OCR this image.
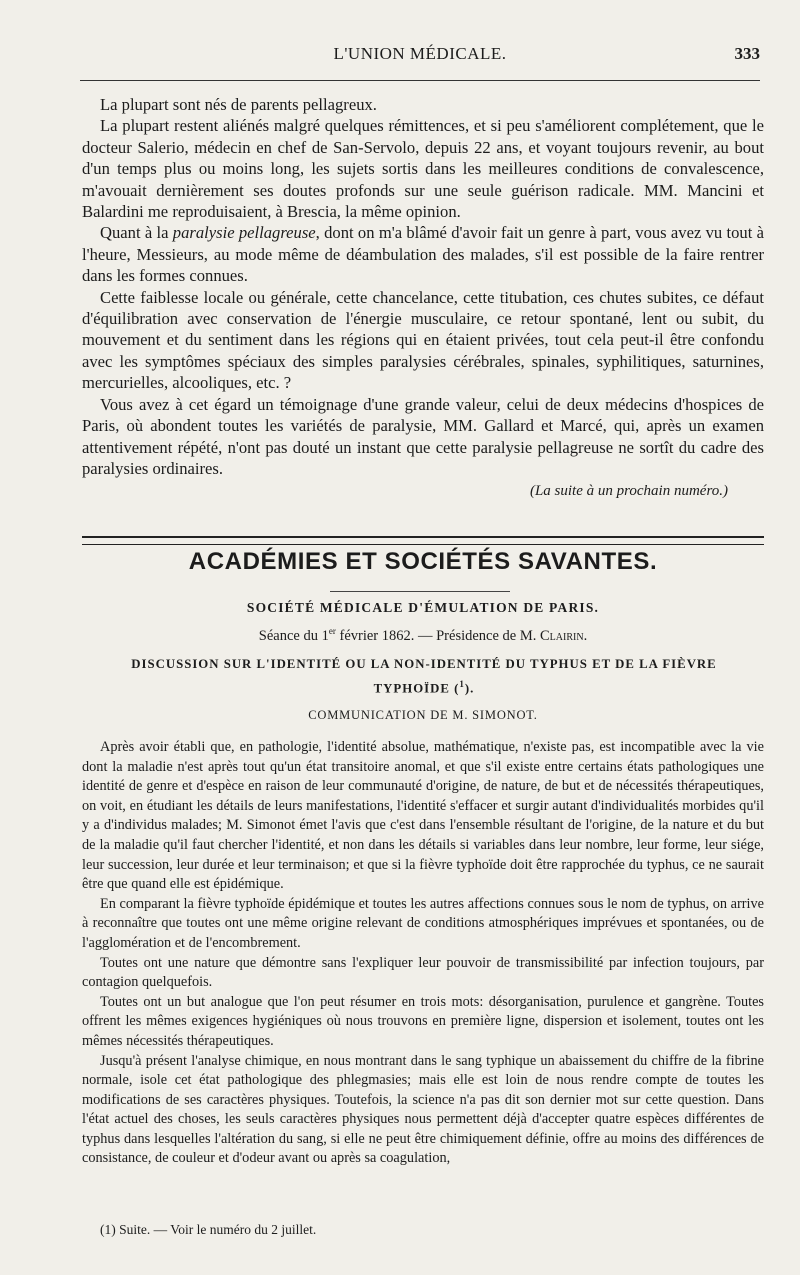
L'UNION MÉDICALE.	333

La plupart sont nés de parents pellagreux.

La plupart restent aliénés malgré quelques rémittences, et si peu s'améliorent complétement, que le docteur Salerio, médecin en chef de San-Servolo, depuis 22 ans, et voyant toujours revenir, au bout d'un temps plus ou moins long, les sujets sortis dans les meilleures conditions de convalescence, m'avouait dernièrement ses doutes profonds sur une seule guérison radicale. MM. Mancini et Balardini me reproduisaient, à Brescia, la même opinion.

Quant à la paralysie pellagreuse, dont on m'a blâmé d'avoir fait un genre à part, vous avez vu tout à l'heure, Messieurs, au mode même de déambulation des malades, s'il est possible de la faire rentrer dans les formes connues.

Cette faiblesse locale ou générale, cette chancelance, cette titubation, ces chutes subites, ce défaut d'équilibration avec conservation de l'énergie musculaire, ce retour spontané, lent ou subit, du mouvement et du sentiment dans les régions qui en étaient privées, tout cela peut-il être confondu avec les symptômes spéciaux des simples paralysies cérébrales, spinales, syphilitiques, saturnines, mercurielles, alcooliques, etc. ?

Vous avez à cet égard un témoignage d'une grande valeur, celui de deux médecins d'hospices de Paris, où abondent toutes les variétés de paralysie, MM. Gallard et Marcé, qui, après un examen attentivement répété, n'ont pas douté un instant que cette paralysie pellagreuse ne sortît du cadre des paralysies ordinaires.

(La suite à un prochain numéro.)
ACADÉMIES ET SOCIÉTÉS SAVANTES.
SOCIÉTÉ MÉDICALE D'ÉMULATION DE PARIS.
Séance du 1er février 1862. — Présidence de M. Clairin.
DISCUSSION SUR L'IDENTITÉ OU LA NON-IDENTITÉ DU TYPHUS ET DE LA FIÈVRE TYPHOÏDE ($^1$).
COMMUNICATION DE M. SIMONOT.

Après avoir établi que, en pathologie, l'identité absolue, mathématique, n'existe pas, est incompatible avec la vie dont la maladie n'est après tout qu'un état transitoire anomal, et que s'il existe entre certains états pathologiques une identité de genre et d'espèce en raison de leur communauté d'origine, de nature, de but et de nécessités thérapeutiques, on voit, en étudiant les détails de leurs manifestations, l'identité s'effacer et surgir autant d'individualités morbides qu'il y a d'individus malades; M. Simonot émet l'avis que c'est dans l'ensemble résultant de l'origine, de la nature et du but de la maladie qu'il faut chercher l'identité, et non dans les détails si variables dans leur nombre, leur forme, leur siége, leur succession, leur durée et leur terminaison; et que si la fièvre typhoïde doit être rapprochée du typhus, ce ne saurait être que quand elle est épidémique.

En comparant la fièvre typhoïde épidémique et toutes les autres affections connues sous le nom de typhus, on arrive à reconnaître que toutes ont une même origine relevant de conditions atmosphériques imprévues et spontanées, ou de l'agglomération et de l'encombrement.

Toutes ont une nature que démontre sans l'expliquer leur pouvoir de transmissibilité par infection toujours, par contagion quelquefois.

Toutes ont un but analogue que l'on peut résumer en trois mots: désorganisation, purulence et gangrène. Toutes offrent les mêmes exigences hygiéniques où nous trouvons en première ligne, dispersion et isolement, toutes ont les mêmes nécessités thérapeutiques.

Jusqu'à présent l'analyse chimique, en nous montrant dans le sang typhique un abaissement du chiffre de la fibrine normale, isole cet état pathologique des phlegmasies; mais elle est loin de nous rendre compte de toutes les modifications de ses caractères physiques. Toutefois, la science n'a pas dit son dernier mot sur cette question. Dans l'état actuel des choses, les seuls caractères physiques nous permettent déjà d'accepter quatre espèces différentes de typhus dans lesquelles l'altération du sang, si elle ne peut être chimiquement définie, offre au moins des différences de consistance, de couleur et d'odeur avant ou après sa coagulation,

(1) Suite. — Voir le numéro du 2 juillet.
